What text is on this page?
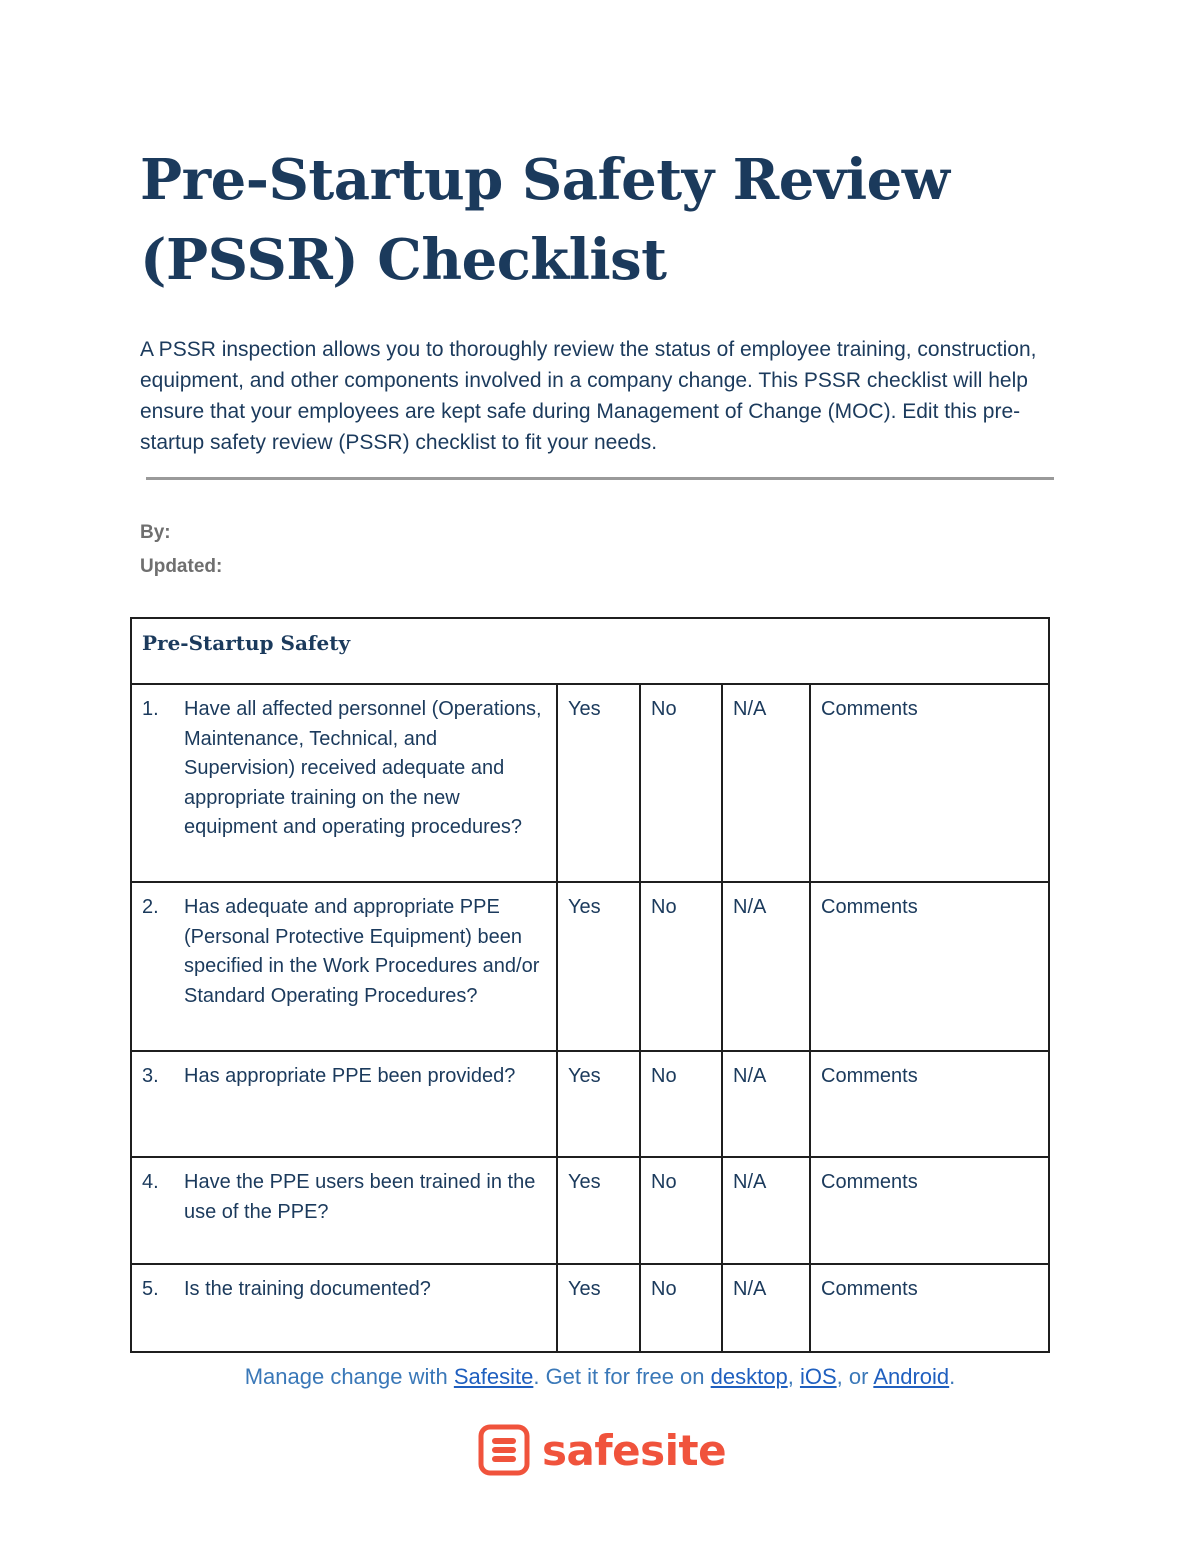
Pre-Startup Safety Review
(PSSR) Checklist

A PSSR inspection allows you to thoroughly review the status of employee training, construction, equipment, and other components involved in a company change. This PSSR checklist will help ensure that your employees are kept safe during Management of Change (MOC). Edit this pre-startup safety review (PSSR) checklist to fit your needs.

By:
Updated:
Pre-Startup Safety				

1. Have all affected personnel (Operations, Maintenance, Technical, and Supervision) received adequate and appropriate training on the new equipment and operating procedures?	Yes	No	N/A	Comments

2. Has adequate and appropriate PPE (Personal Protective Equipment) been specified in the Work Procedures and/or Standard Operating Procedures?	Yes	No	N/A	Comments

3. Has appropriate PPE been provided?	Yes	No	N/A	Comments

4. Have the PPE users been trained in the use of the PPE?	Yes	No	N/A	Comments

5. Is the training documented?	Yes	No	N/A	Comments
Manage change with Safesite. Get it for free on desktop, iOS, or Android.
safesite
